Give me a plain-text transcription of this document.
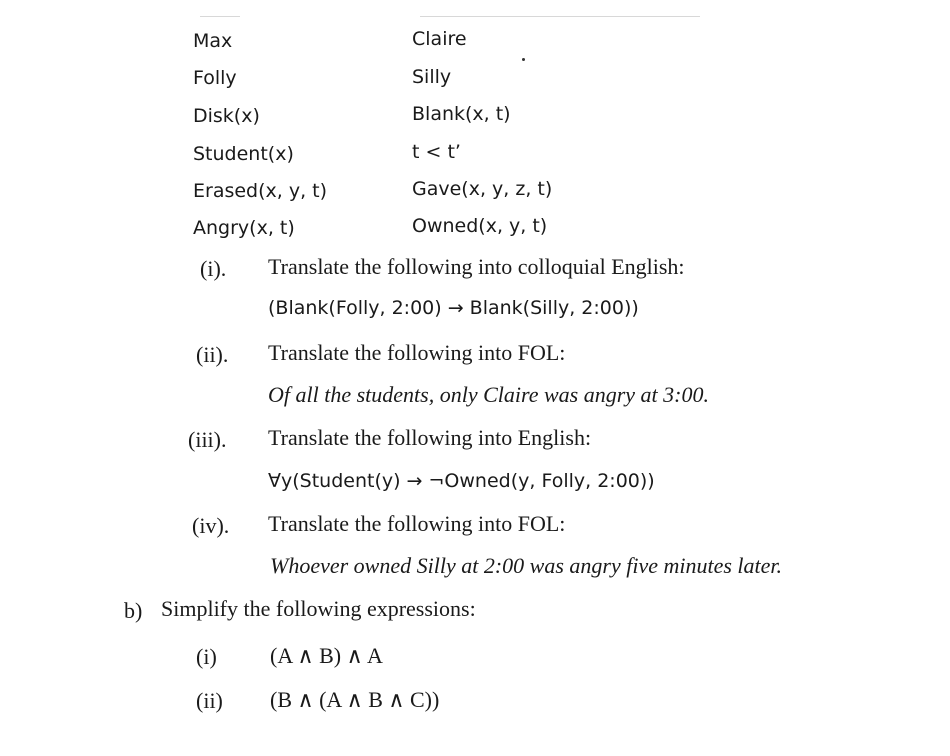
Max	Claire
Folly	Silly
Disk(x)	Blank(x, t)
Student(x)	t < t’
Erased(x, y, t)	Gave(x, y, z, t)
Angry(x, t)	Owned(x, y, t)
(i). Translate the following into colloquial English:
(Blank(Folly, 2:00) → Blank(Silly, 2:00))
(ii). Translate the following into FOL:
Of all the students, only Claire was angry at 3:00.
(iii). Translate the following into English:
∀y(Student(y) → ¬Owned(y, Folly, 2:00))
(iv). Translate the following into FOL:
Whoever owned Silly at 2:00 was angry five minutes later.
b) Simplify the following expressions:
(i) (A ∧ B) ∧ A
(ii) (B ∧ (A ∧ B ∧ C))
